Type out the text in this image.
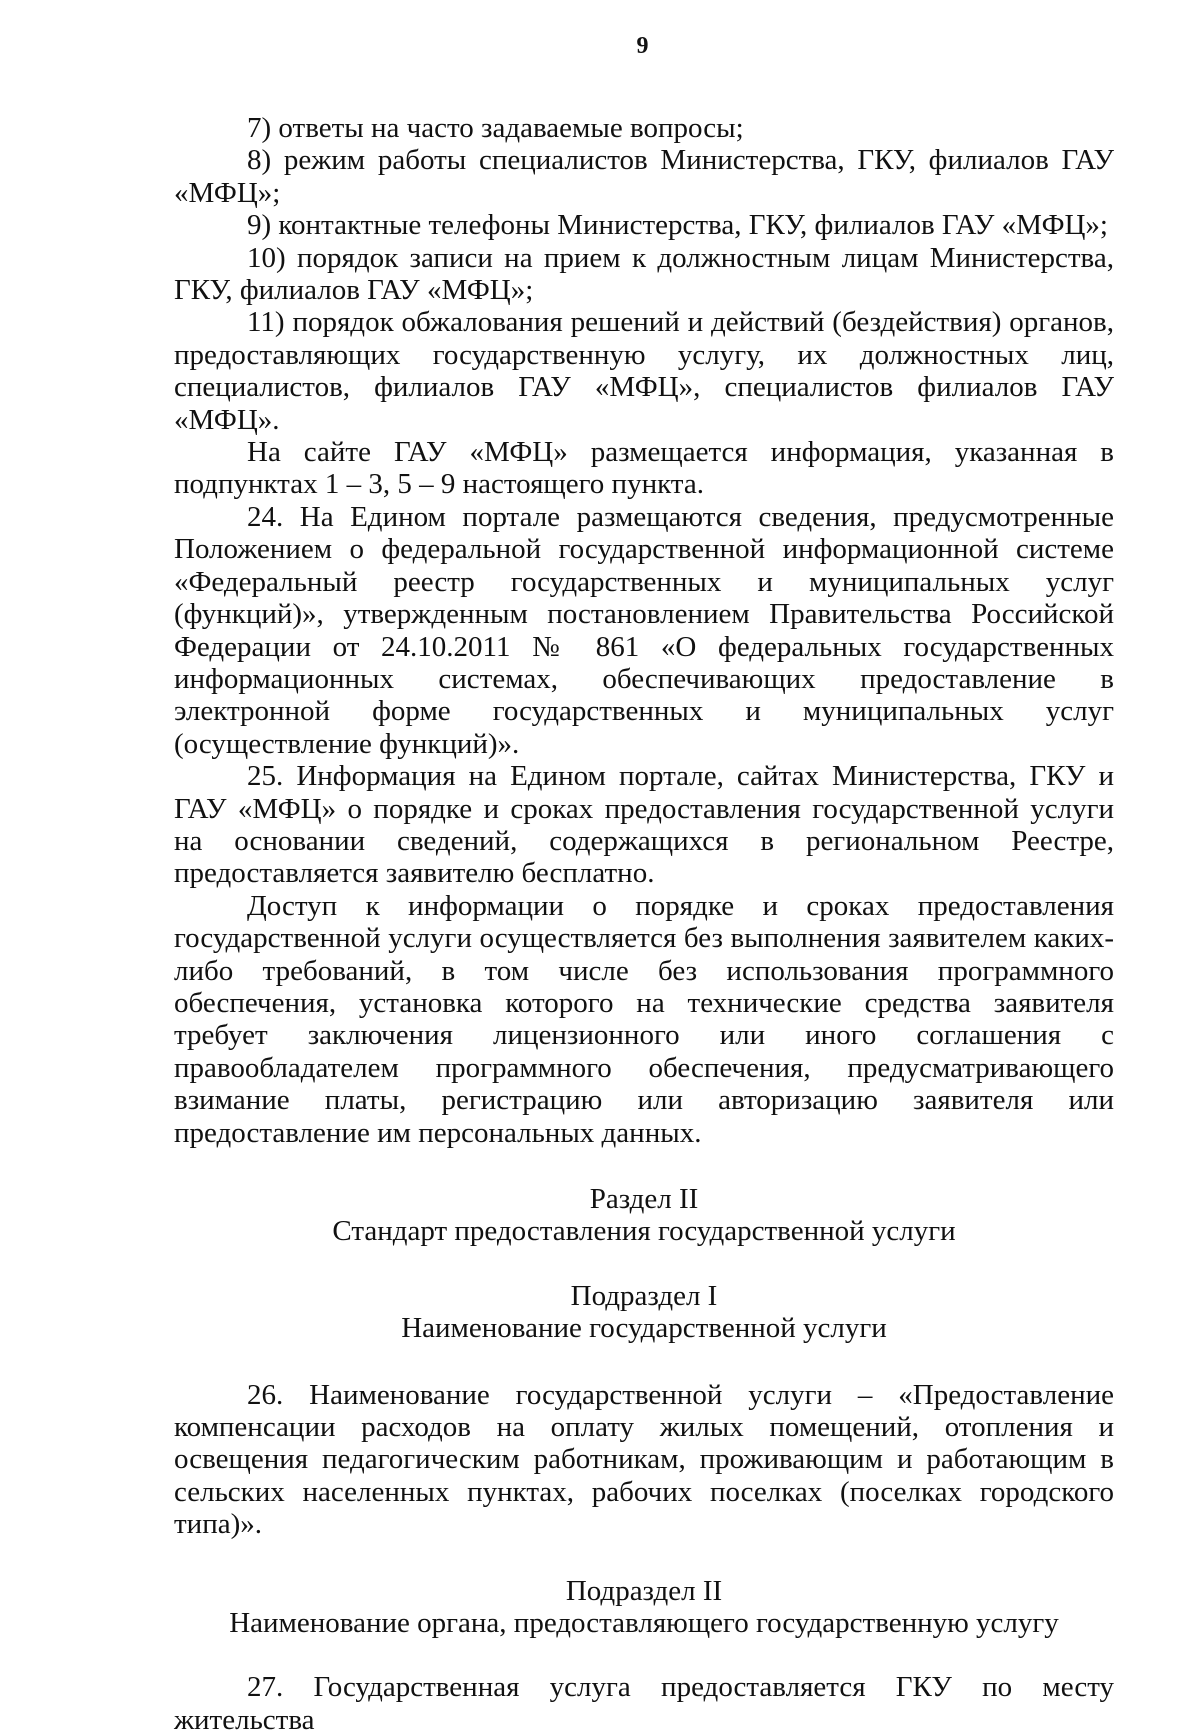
9

7) ответы на часто задаваемые вопросы;

8) режим работы специалистов Министерства, ГКУ, филиалов ГАУ «МФЦ»;

9) контактные телефоны Министерства, ГКУ, филиалов ГАУ «МФЦ»;

10) порядок записи на прием к должностным лицам Министерства, ГКУ, филиалов ГАУ «МФЦ»;

11) порядок обжалования решений и действий (бездействия) органов, предоставляющих государственную услугу, их должностных лиц, специалистов, филиалов ГАУ «МФЦ», специалистов филиалов ГАУ «МФЦ».

На сайте ГАУ «МФЦ» размещается информация, указанная в подпунктах 1 – 3, 5 – 9 настоящего пункта.

24. На Едином портале размещаются сведения, предусмотренные Положением о федеральной государственной информационной системе «Федеральный реестр государственных и муниципальных услуг (функций)», утвержденным постановлением Правительства Российской Федерации от 24.10.2011 № 861 «О федеральных государственных информационных системах, обеспечивающих предоставление в электронной форме государственных и муниципальных услуг (осуществление функций)».

25. Информация на Едином портале, сайтах Министерства, ГКУ и ГАУ «МФЦ» о порядке и сроках предоставления государственной услуги на основании сведений, содержащихся в региональном Реестре, предоставляется заявителю бесплатно.

Доступ к информации о порядке и сроках предоставления государственной услуги осуществляется без выполнения заявителем каких-либо требований, в том числе без использования программного обеспечения, установка которого на технические средства заявителя требует заключения лицензионного или иного соглашения с правообладателем программного обеспечения, предусматривающего взимание платы, регистрацию или авторизацию заявителя или предоставление им персональных данных.

Раздел II

Стандарт предоставления государственной услуги

Подраздел I

Наименование государственной услуги

26. Наименование государственной услуги – «Предоставление компенсации расходов на оплату жилых помещений, отопления и освещения педагогическим работникам, проживающим и работающим в сельских населенных пунктах, рабочих поселках (поселках городского типа)».

Подраздел II

Наименование органа, предоставляющего государственную услугу

27. Государственная услуга предоставляется ГКУ по месту жительства
